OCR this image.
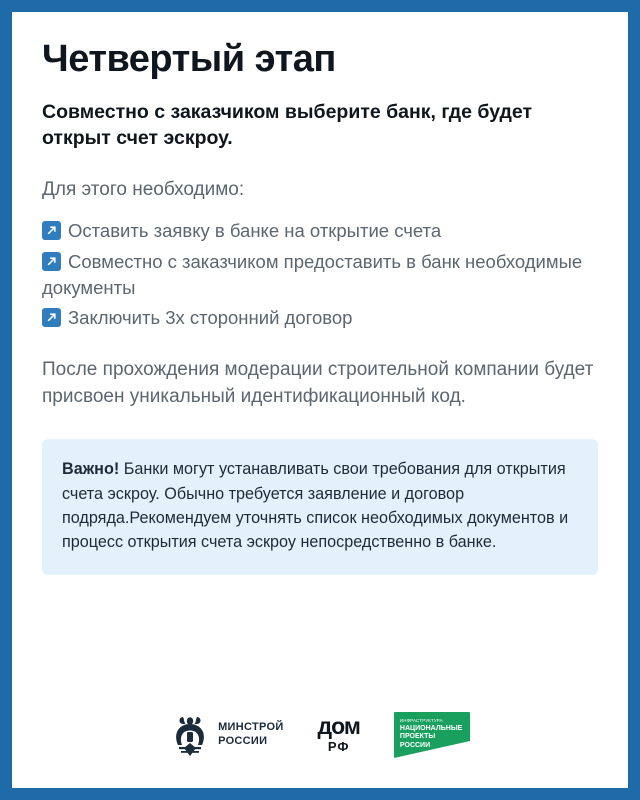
Четвертый этап
Совместно с заказчиком выберите банк, где будет открыт счет эскроу.
Для этого необходимо:
Оставить заявку в банке на открытие счета
Совместно с заказчиком предоставить в банк необходимые документы
Заключить 3х сторонний договор
После прохождения модерации строительной компании будет присвоен уникальный идентификационный код.
Важно! Банки могут устанавливать свои требования для открытия счета эскроу. Обычно требуется заявление и договор подряда.Рекомендуем уточнять список необходимых документов и процесс открытия счета эскроу непосредственно в банке.
МИНСТРОЙ
РОССИИ
дом
РФ
ИНФРАСТРУКТУРА
НАЦИОНАЛЬНЫЕ
ПРОЕКТЫ
РОССИИ
